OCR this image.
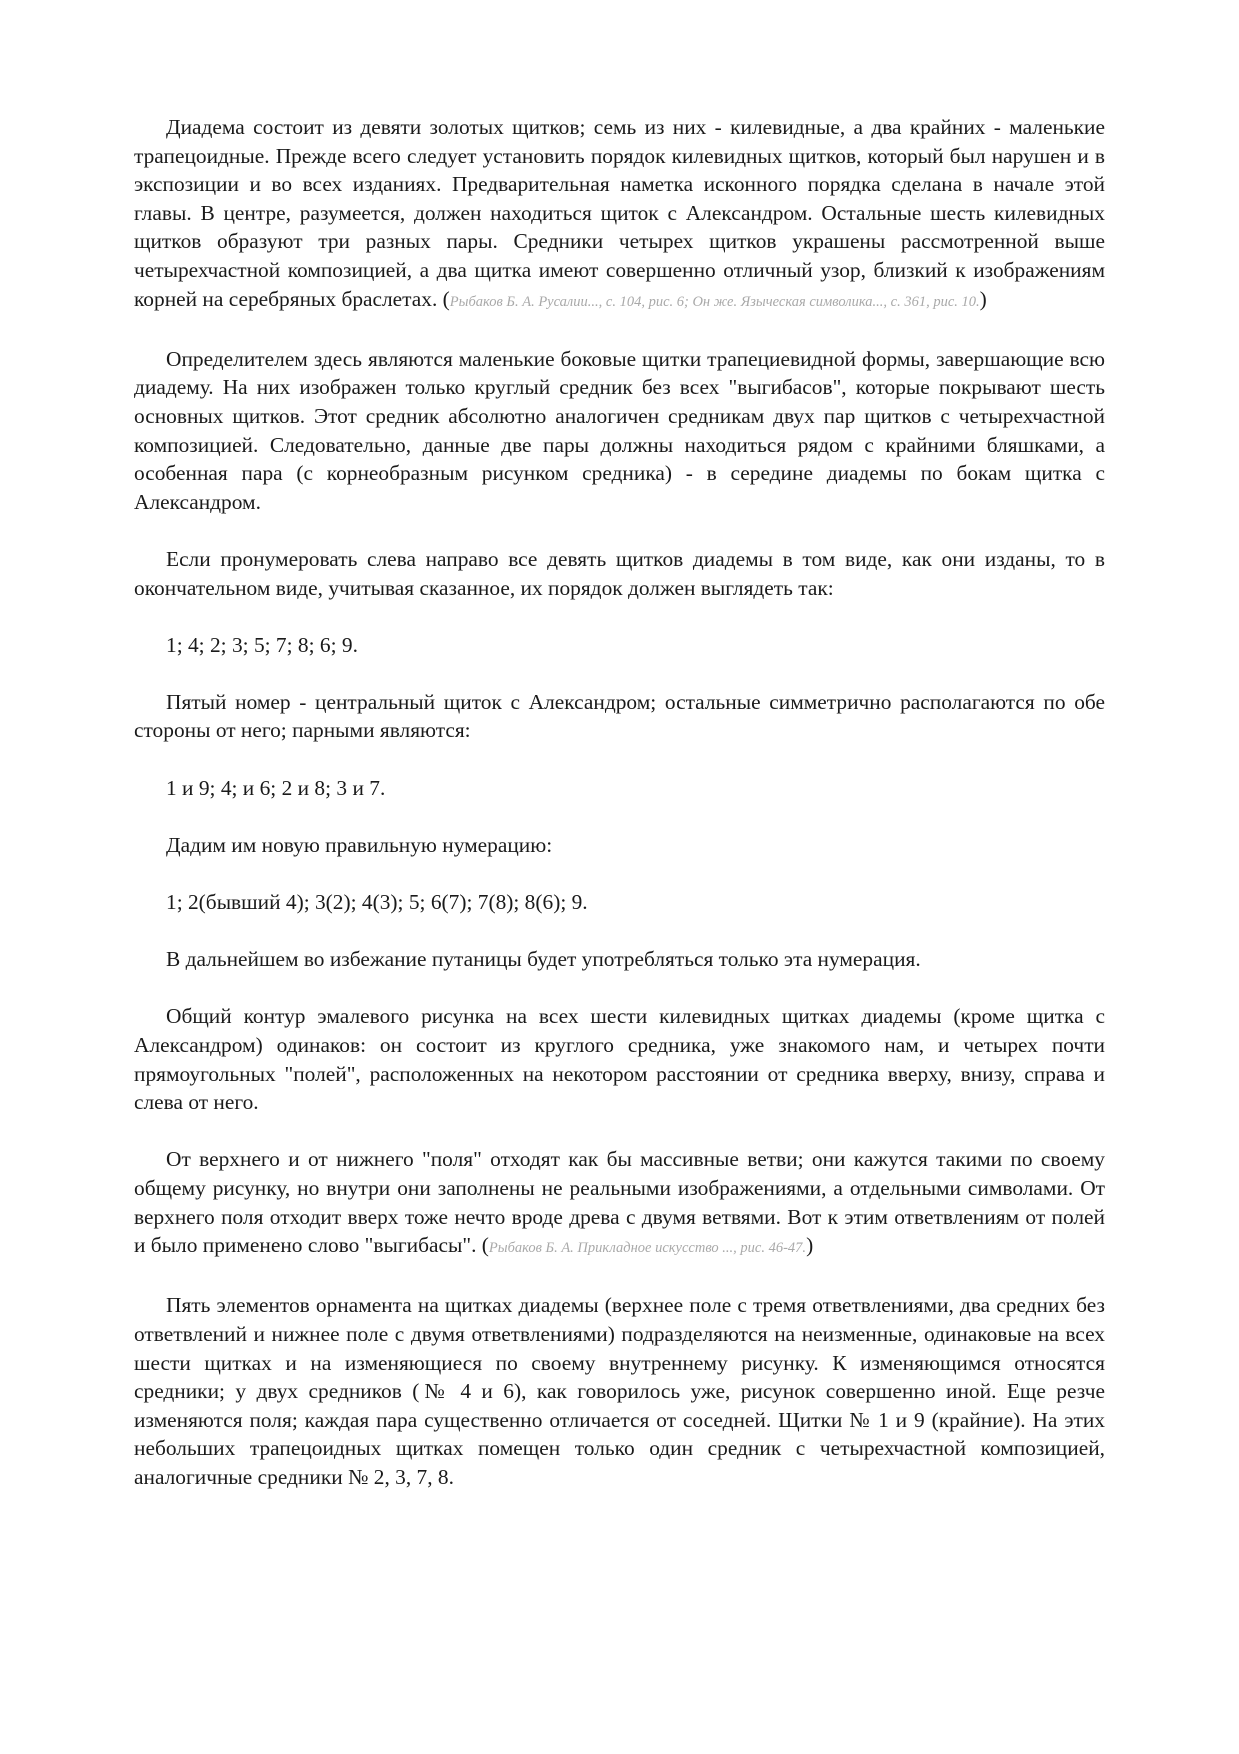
Диадема состоит из девяти золотых щитков; семь из них - килевидные, а два крайних - маленькие трапецоидные. Прежде всего следует установить порядок килевидных щитков, который был нарушен и в экспозиции и во всех изданиях. Предварительная наметка исконного порядка сделана в начале этой главы. В центре, разумеется, должен находиться щиток с Александром. Остальные шесть килевидных щитков образуют три разных пары. Средники четырех щитков украшены рассмотренной выше четырехчастной композицией, а два щитка имеют совершенно отличный узор, близкий к изображениям корней на серебряных браслетах. (Рыбаков Б. А. Русалии..., с. 104, рис. 6; Он же. Языческая символика..., с. 361, рис. 10.)

Определителем здесь являются маленькие боковые щитки трапециевидной формы, завершающие всю диадему. На них изображен только круглый средник без всех "выгибасов", которые покрывают шесть основных щитков. Этот средник абсолютно аналогичен средникам двух пар щитков с четырехчастной композицией. Следовательно, данные две пары должны находиться рядом с крайними бляшками, а особенная пара (с корнеобразным рисунком средника) - в середине диадемы по бокам щитка с Александром.

Если пронумеровать слева направо все девять щитков диадемы в том виде, как они изданы, то в окончательном виде, учитывая сказанное, их порядок должен выглядеть так:

1; 4; 2; 3; 5; 7; 8; 6; 9.

Пятый номер - центральный щиток с Александром; остальные симметрично располагаются по обе стороны от него; парными являются:

1 и 9; 4; и 6; 2 и 8; 3 и 7.

Дадим им новую правильную нумерацию:

1; 2(бывший 4); 3(2); 4(3); 5; 6(7); 7(8); 8(6); 9.

В дальнейшем во избежание путаницы будет употребляться только эта нумерация.

Общий контур эмалевого рисунка на всех шести килевидных щитках диадемы (кроме щитка с Александром) одинаков: он состоит из круглого средника, уже знакомого нам, и четырех почти прямоугольных "полей", расположенных на некотором расстоянии от средника вверху, внизу, справа и слева от него.

От верхнего и от нижнего "поля" отходят как бы массивные ветви; они кажутся такими по своему общему рисунку, но внутри они заполнены не реальными изображениями, а отдельными символами. От верхнего поля отходит вверх тоже нечто вроде древа с двумя ветвями. Вот к этим ответвлениям от полей и было применено слово "выгибасы". (Рыбаков Б. А. Прикладное искусство ..., рис. 46-47.)

Пять элементов орнамента на щитках диадемы (верхнее поле с тремя ответвлениями, два средних без ответвлений и нижнее поле с двумя ответвлениями) подразделяются на неизменные, одинаковые на всех шести щитках и на изменяющиеся по своему внутреннему рисунку. К изменяющимся относятся средники; у двух средников (№ 4 и 6), как говорилось уже, рисунок совершенно иной. Еще резче изменяются поля; каждая пара существенно отличается от соседней. Щитки № 1 и 9 (крайние). На этих небольших трапецоидных щитках помещен только один средник с четырехчастной композицией, аналогичные средники № 2, 3, 7, 8.
